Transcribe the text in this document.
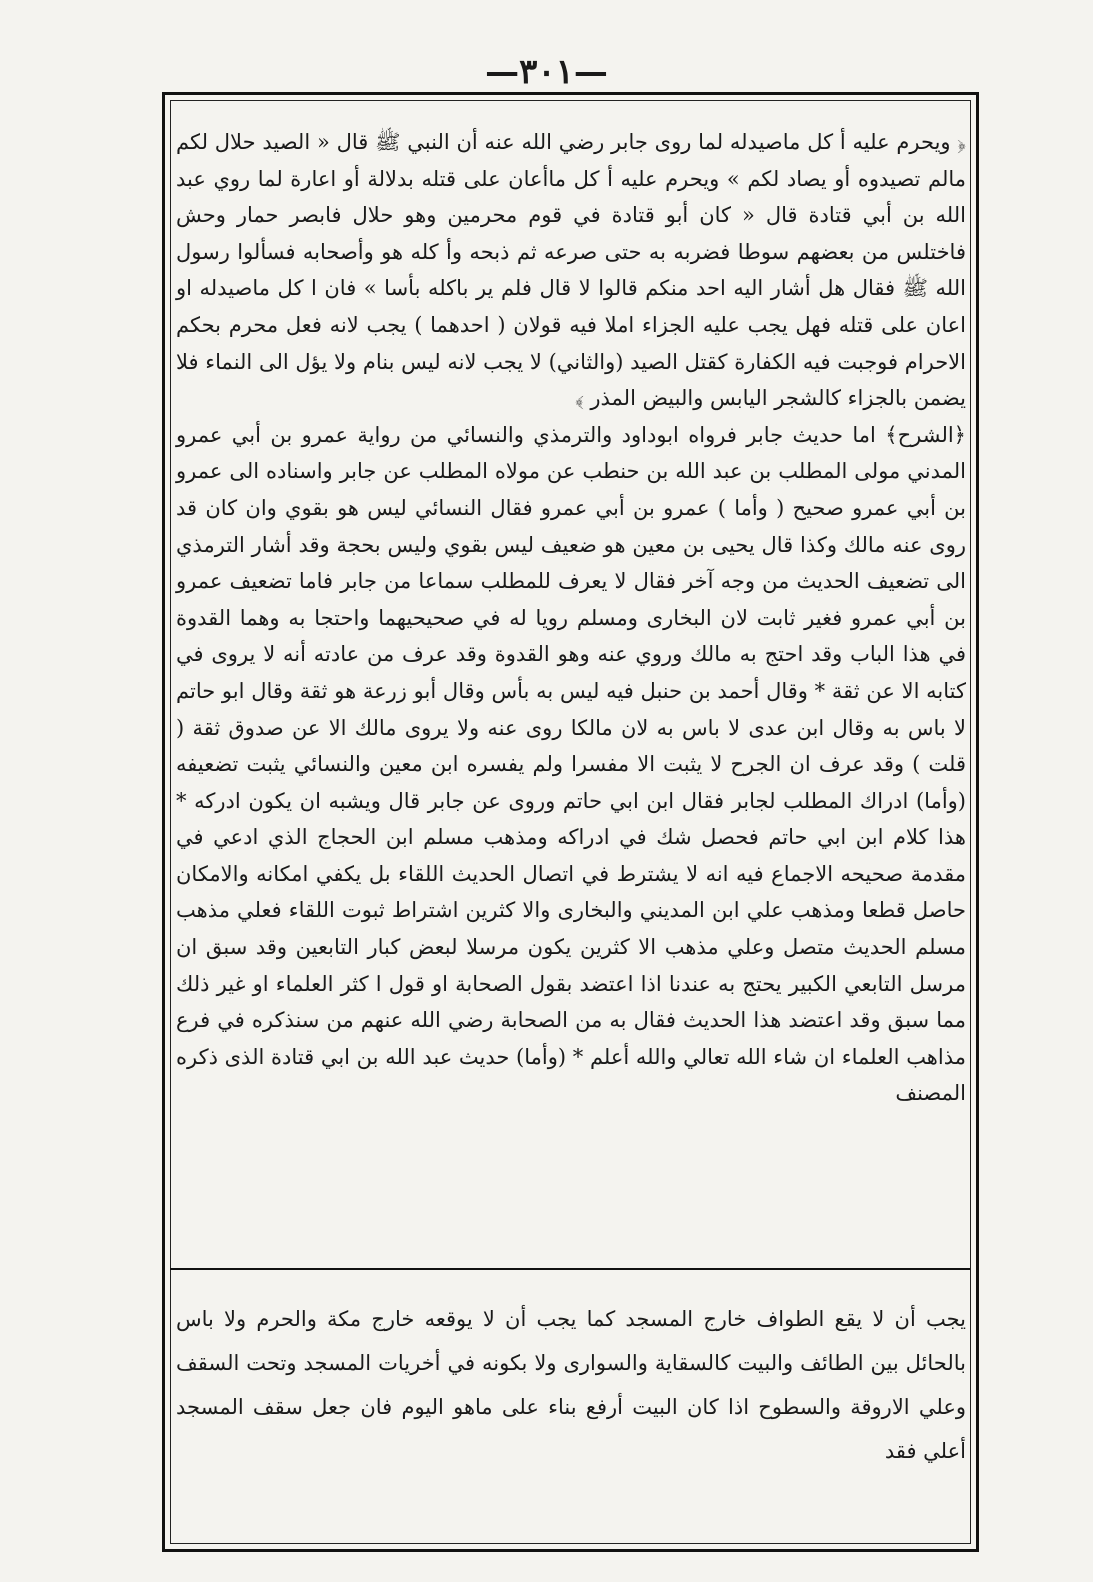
—٣٠١—

﴿ ويحرم عليه أ كل ماصيدله لما روى جابر رضي الله عنه أن النبي ﷺ قال « الصيد حلال لكم مالم تصيدوه أو يصاد لكم » ويحرم عليه أ كل ماأعان على قتله بدلالة أو اعارة لما روي عبد الله بن أبي قتادة قال « كان أبو قتادة في قوم محرمين وهو حلال فابصر حمار وحش فاختلس من بعضهم سوطا فضربه به حتى صرعه ثم ذبحه وأ كله هو وأصحابه فسألوا رسول الله ﷺ فقال هل أشار اليه احد منكم قالوا لا قال فلم ير باكله بأسا » فان ا كل ماصيدله او اعان على قتله فهل يجب عليه الجزاء املا فيه قولان ( احدهما ) يجب لانه فعل محرم بحكم الاحرام فوجبت فيه الكفارة كقتل الصيد (والثاني) لا يجب لانه ليس بنام ولا يؤل الى النماء فلا يضمن بالجزاء كالشجر اليابس والبيض المذر ﴾

﴿الشرح﴾ اما حديث جابر فرواه ابوداود والترمذي والنسائي من رواية عمرو بن أبي عمرو المدني مولى المطلب بن عبد الله بن حنطب عن مولاه المطلب عن جابر واسناده الى عمرو بن أبي عمرو صحيح ( وأما ) عمرو بن أبي عمرو فقال النسائي ليس هو بقوي وان كان قد روى عنه مالك وكذا قال يحيى بن معين هو ضعيف ليس بقوي وليس بحجة وقد أشار الترمذي الى تضعيف الحديث من وجه آخر فقال لا يعرف للمطلب سماعا من جابر فاما تضعيف عمرو بن أبي عمرو فغير ثابت لان البخارى ومسلم رويا له في صحيحيهما واحتجا به وهما القدوة في هذا الباب وقد احتج به مالك وروي عنه وهو القدوة وقد عرف من عادته أنه لا يروى في كتابه الا عن ثقة * وقال أحمد بن حنبل فيه ليس به بأس وقال أبو زرعة هو ثقة وقال ابو حاتم لا باس به وقال ابن عدى لا باس به لان مالكا روى عنه ولا يروى مالك الا عن صدوق ثقة ( قلت ) وقد عرف ان الجرح لا يثبت الا مفسرا ولم يفسره ابن معين والنسائي يثبت تضعيفه (وأما) ادراك المطلب لجابر فقال ابن ابي حاتم وروى عن جابر قال ويشبه ان يكون ادركه * هذا كلام ابن ابي حاتم فحصل شك في ادراكه ومذهب مسلم ابن الحجاج الذي ادعي في مقدمة صحيحه الاجماع فيه انه لا يشترط في اتصال الحديث اللقاء بل يكفي امكانه والامكان حاصل قطعا ومذهب علي ابن المديني والبخارى والا كثرين اشتراط ثبوت اللقاء فعلي مذهب مسلم الحديث متصل وعلي مذهب الا كثرين يكون مرسلا لبعض كبار التابعين وقد سبق ان مرسل التابعي الكبير يحتج به عندنا اذا اعتضد بقول الصحابة او قول ا كثر العلماء او غير ذلك مما سبق وقد اعتضد هذا الحديث فقال به من الصحابة رضي الله عنهم من سنذكره في فرع مذاهب العلماء ان شاء الله تعالي والله أعلم * (وأما) حديث عبد الله بن ابي قتادة الذى ذكره المصنف

يجب أن لا يقع الطواف خارج المسجد كما يجب أن لا يوقعه خارج مكة والحرم ولا باس بالحائل بين الطائف والبيت كالسقاية والسوارى ولا بكونه في أخريات المسجد وتحت السقف وعلي الاروقة والسطوح اذا كان البيت أرفع بناء على ماهو اليوم فان جعل سقف المسجد أعلي فقد
